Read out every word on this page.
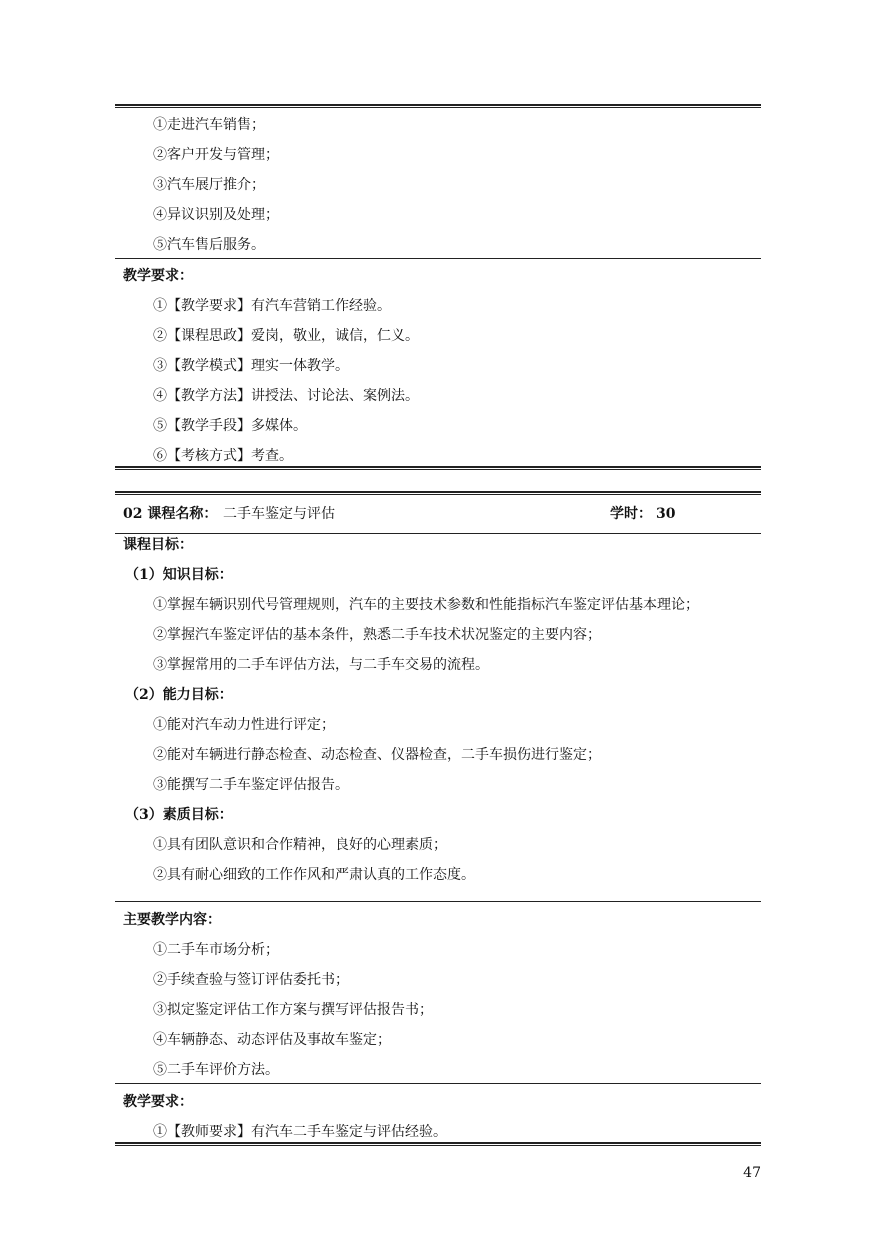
①走进汽车销售；
②客户开发与管理；
③汽车展厅推介；
④异议识别及处理；
⑤汽车售后服务。
教学要求：
①【教学要求】有汽车营销工作经验。
②【课程思政】爱岗，敬业，诚信，仁义。
③【教学模式】理实一体教学。
④【教学方法】讲授法、讨论法、案例法。
⑤【教学手段】多媒体。
⑥【考核方式】考查。
02 课程名称： 二手车鉴定与评估	学时： 30
课程目标：
（1）知识目标：
①掌握车辆识别代号管理规则，汽车的主要技术参数和性能指标汽车鉴定评估基本理论；
②掌握汽车鉴定评估的基本条件，熟悉二手车技术状况鉴定的主要内容；
③掌握常用的二手车评估方法，与二手车交易的流程。
（2）能力目标：
①能对汽车动力性进行评定；
②能对车辆进行静态检查、动态检查、仪器检查，二手车损伤进行鉴定；
③能撰写二手车鉴定评估报告。
（3）素质目标：
①具有团队意识和合作精神，良好的心理素质；
②具有耐心细致的工作作风和严肃认真的工作态度。
主要教学内容：
①二手车市场分析；
②手续查验与签订评估委托书；
③拟定鉴定评估工作方案与撰写评估报告书；
④车辆静态、动态评估及事故车鉴定；
⑤二手车评价方法。
教学要求：
①【教师要求】有汽车二手车鉴定与评估经验。
47
